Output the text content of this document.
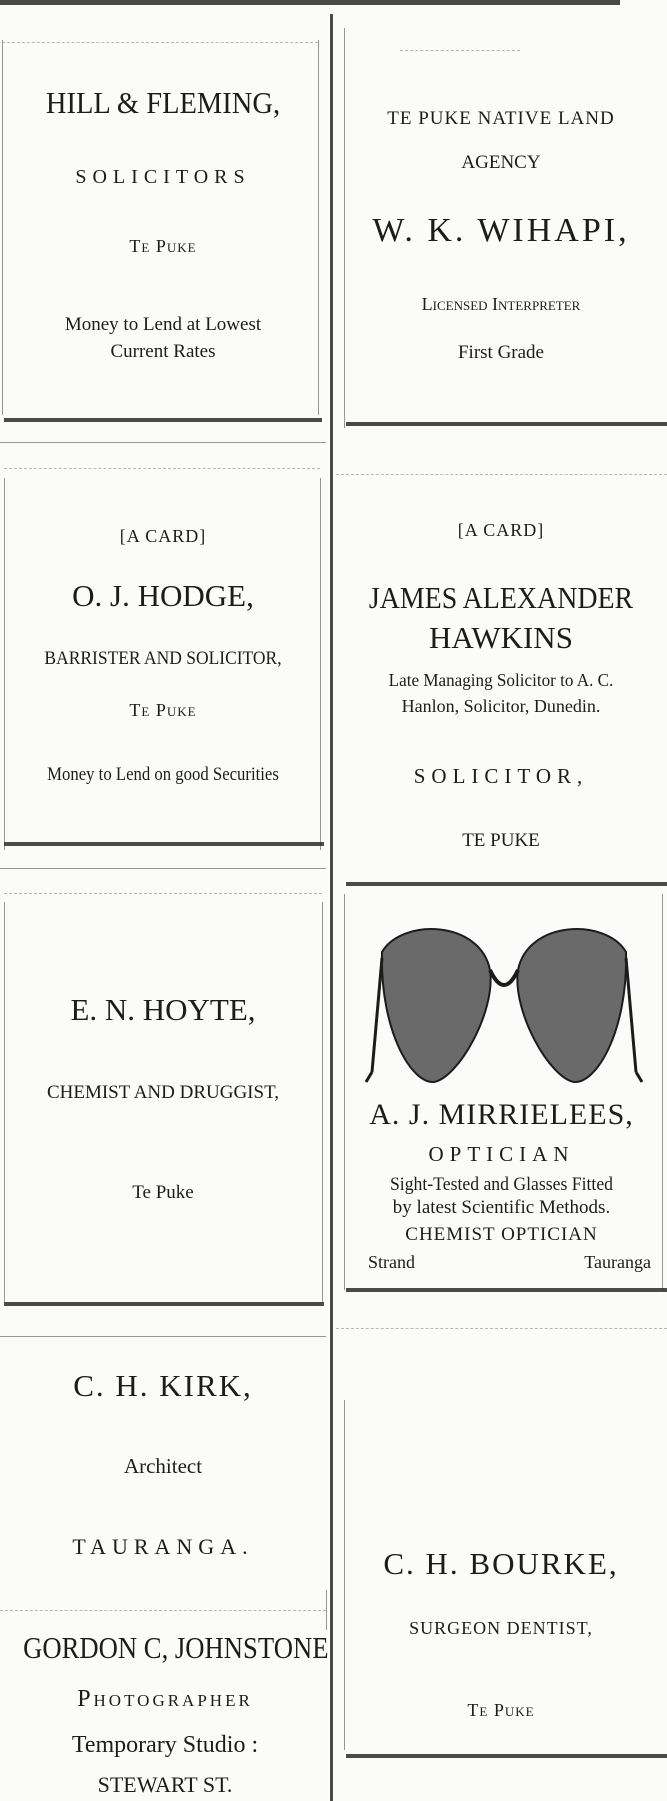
HILL & FLEMING,
SOLICITORS
Te Puke
Money to Lend at Lowest
Current Rates
[A CARD]
O. J. HODGE,
BARRISTER AND SOLICITOR,
Te Puke
Money to Lend on good Securities
E. N. HOYTE,
CHEMIST AND DRUGGIST,
Te Puke
C. H. KIRK,
Architect
TAURANGA.
GORDON C, JOHNSTONE
Photographer
Temporary Studio :
STEWART ST.
TE PUKE NATIVE LAND
AGENCY
W. K. WIHAPI,
Licensed Interpreter
First Grade
[A CARD]
JAMES ALEXANDER
HAWKINS
Late Managing Solicitor to A. C.
Hanlon, Solicitor, Dunedin.
SOLICITOR,
TE PUKE
A. J. MIRRIELEES,
OPTICIAN
Sight-Tested and Glasses Fitted
by latest Scientific Methods.
CHEMIST OPTICIAN
Strand	Tauranga
C. H. BOURKE,
SURGEON DENTIST,
Te Puke
